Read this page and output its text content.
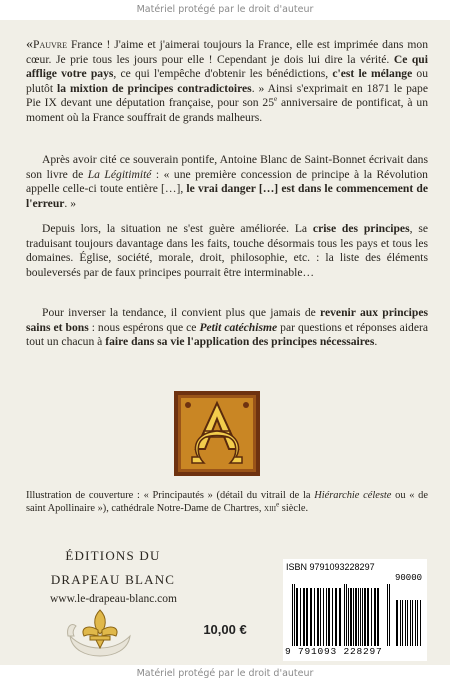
Matériel protégé par le droit d'auteur
«Pauvre France ! J'aime et j'aimerai toujours la France, elle est imprimée dans mon cœur. Je prie tous les jours pour elle ! Cependant je dois lui dire la vérité. Ce qui afflige votre pays, ce qui l'empêche d'obtenir les bénédictions, c'est le mélange ou plutôt la mixtion de principes contradictoires. » Ainsi s'exprimait en 1871 le pape Pie IX devant une députation française, pour son 25e anniversaire de pontificat, à un moment où la France souffrait de grands malheurs.
Après avoir cité ce souverain pontife, Antoine Blanc de Saint-Bonnet écrivait dans son livre de La Légitimité : « une première concession de principe à la Révolution appelle celle-ci toute entière […], le vrai danger […] est dans le commencement de l'erreur. »
Depuis lors, la situation ne s'est guère améliorée. La crise des principes, se traduisant toujours davantage dans les faits, touche désormais tous les pays et tous les domaines. Église, société, morale, droit, philosophie, etc. : la liste des éléments bouleversés par de faux principes pourrait être interminable…
Pour inverser la tendance, il convient plus que jamais de revenir aux principes sains et bons : nous espérons que ce Petit catéchisme par questions et réponses aidera tout un chacun à faire dans sa vie l'application des principes nécessaires.
Illustration de couverture : « Principautés » (détail du vitrail de la Hiérarchie céleste ou « de saint Apollinaire »), cathédrale Notre-Dame de Chartres, xiii$^e$ siècle.
ÉDITIONS DU
DRAPEAU BLANC
www.le-drapeau-blanc.com
10,00 €
ISBN 9791093228297
90000
9 791093 228297
Matériel protégé par le droit d'auteur
